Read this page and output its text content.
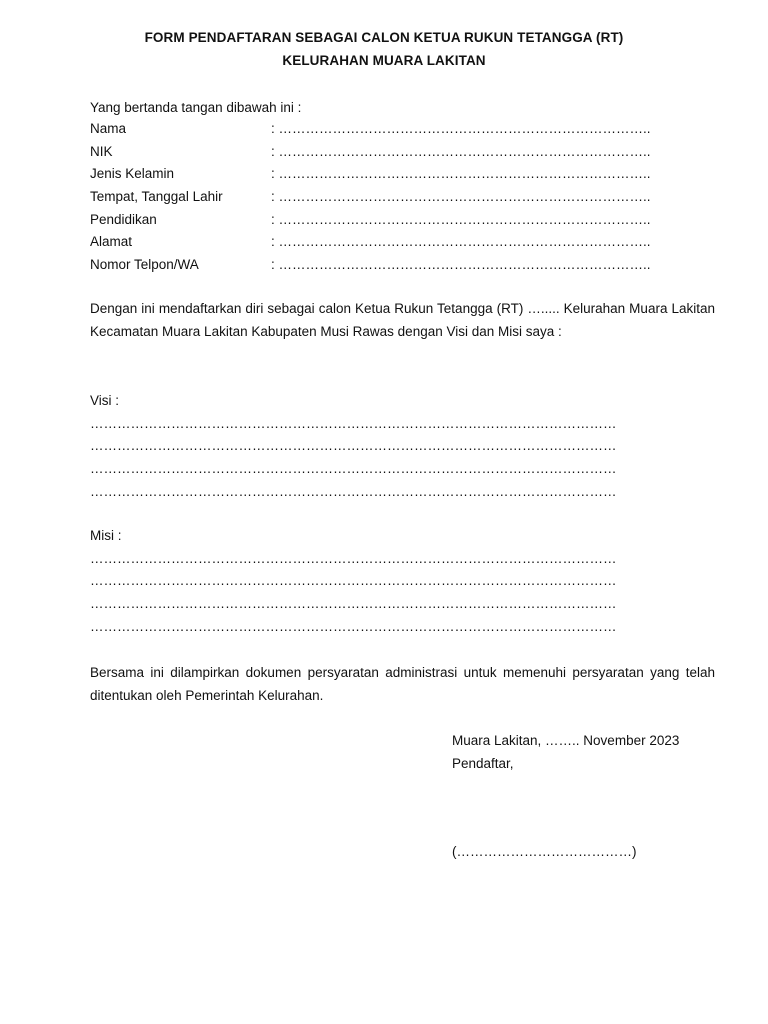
FORM PENDAFTARAN SEBAGAI CALON KETUA RUKUN TETANGGA (RT)
KELURAHAN MUARA LAKITAN
Yang bertanda tangan dibawah ini :
Nama	: ………………………………………………………………………..
NIK	: ………………………………………………………………………..
Jenis Kelamin	: ………………………………………………………………………..
Tempat, Tanggal Lahir	: ………………………………………………………………………..
Pendidikan	: ………………………………………………………………………..
Alamat	: ………………………………………………………………………..
Nomor Telpon/WA	: ………………………………………………………………………..
Dengan ini mendaftarkan diri sebagai calon Ketua Rukun Tetangga (RT) …..... Kelurahan Muara Lakitan Kecamatan Muara Lakitan Kabupaten Musi Rawas dengan Visi dan Misi saya :
Visi :
………………………………………………………………………………………………………
………………………………………………………………………………………………………
………………………………………………………………………………………………………
………………………………………………………………………………………………………
Misi :
………………………………………………………………………………………………………
………………………………………………………………………………………………………
………………………………………………………………………………………………………
………………………………………………………………………………………………………
Bersama ini dilampirkan dokumen persyaratan administrasi untuk memenuhi persyaratan yang telah ditentukan oleh Pemerintah Kelurahan.
Muara Lakitan, …….. November 2023
Pendaftar,
(…………………………………)
